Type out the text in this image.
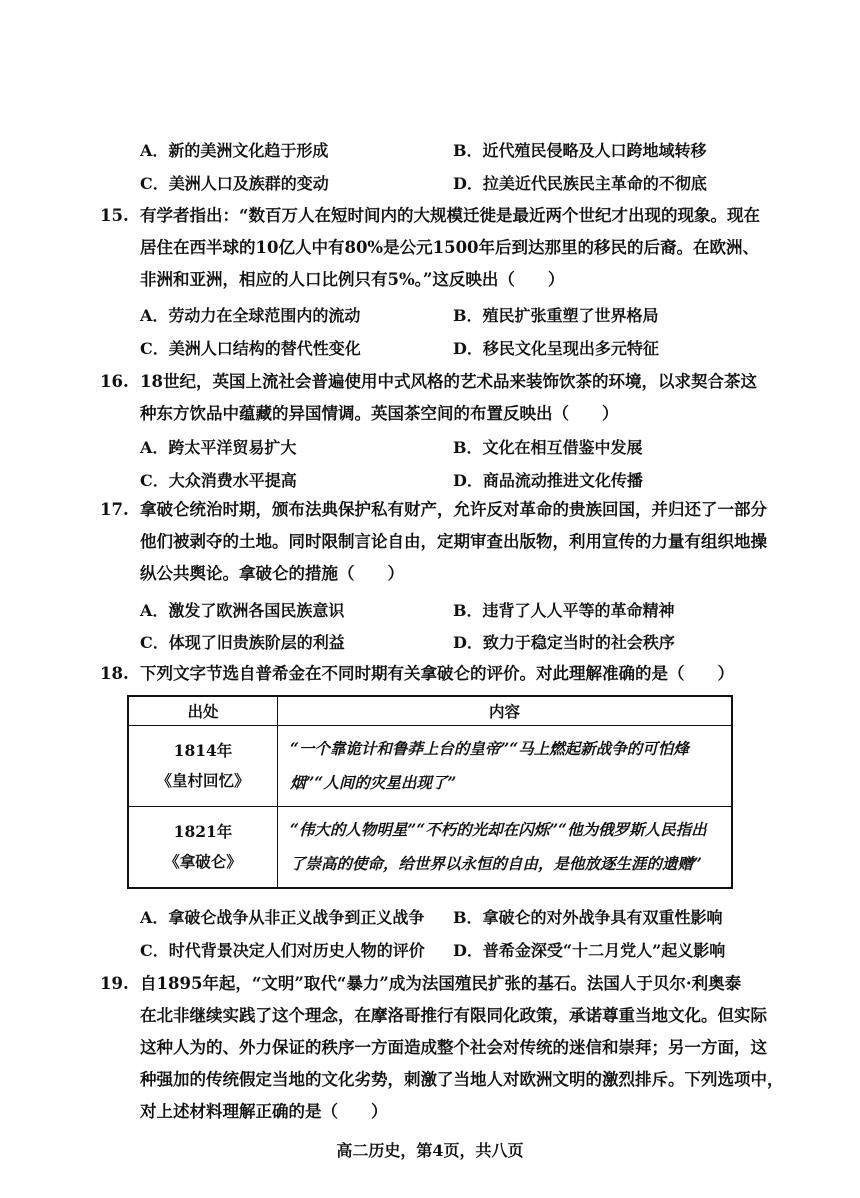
A．新的美洲文化趋于形成	B．近代殖民侵略及人口跨地域转移
C．美洲人口及族群的变动	D．拉美近代民族民主革命的不彻底
15. 有学者指出：“数百万人在短时间内的大规模迁徙是最近两个世纪才出现的现象。现在
居住在西半球的10亿人中有80%是公元1500年后到达那里的移民的后裔。在欧洲、
非洲和亚洲，相应的人口比例只有5%。”这反映出（　　）
A．劳动力在全球范围内的流动	B．殖民扩张重塑了世界格局
C．美洲人口结构的替代性变化	D．移民文化呈现出多元特征
16. 18世纪，英国上流社会普遍使用中式风格的艺术品来装饰饮茶的环境，以求契合茶这
种东方饮品中蕴藏的异国情调。英国茶空间的布置反映出（　　）
A．跨太平洋贸易扩大	B．文化在相互借鉴中发展
C．大众消费水平提高	D．商品流动推进文化传播
17. 拿破仑统治时期，颁布法典保护私有财产，允许反对革命的贵族回国，并归还了一部分
他们被剥夺的土地。同时限制言论自由，定期审查出版物，利用宣传的力量有组织地操
纵公共舆论。拿破仑的措施（　　）
A．激发了欧洲各国民族意识	B．违背了人人平等的革命精神
C．体现了旧贵族阶层的利益	D．致力于稳定当时的社会秩序
18. 下列文字节选自普希金在不同时期有关拿破仑的评价。对此理解准确的是（　　）
出处	内容

1814年
《皇村回忆》	“一个靠诡计和鲁莽上台的皇帝”“马上燃起新战争的可怕烽烟”“人间的灾星出现了”

1821年
《拿破仑》	“伟大的人物明星”“不朽的光却在闪烁”“他为俄罗斯人民指出了崇高的使命，给世界以永恒的自由，是他放逐生涯的遗赠”
A．拿破仑战争从非正义战争到正义战争 B．拿破仑的对外战争具有双重性影响
C．时代背景决定人们对历史人物的评价 D．普希金深受“十二月党人”起义影响
19. 自1895年起，“文明”取代“暴力”成为法国殖民扩张的基石。法国人于贝尔·利奥泰
在北非继续实践了这个理念，在摩洛哥推行有限同化政策，承诺尊重当地文化。但实际
这种人为的、外力保证的秩序一方面造成整个社会对传统的迷信和崇拜；另一方面，这
种强加的传统假定当地的文化劣势，刺激了当地人对欧洲文明的激烈排斥。下列选项中，
对上述材料理解正确的是（　　）
高二历史，第4页，共八页
